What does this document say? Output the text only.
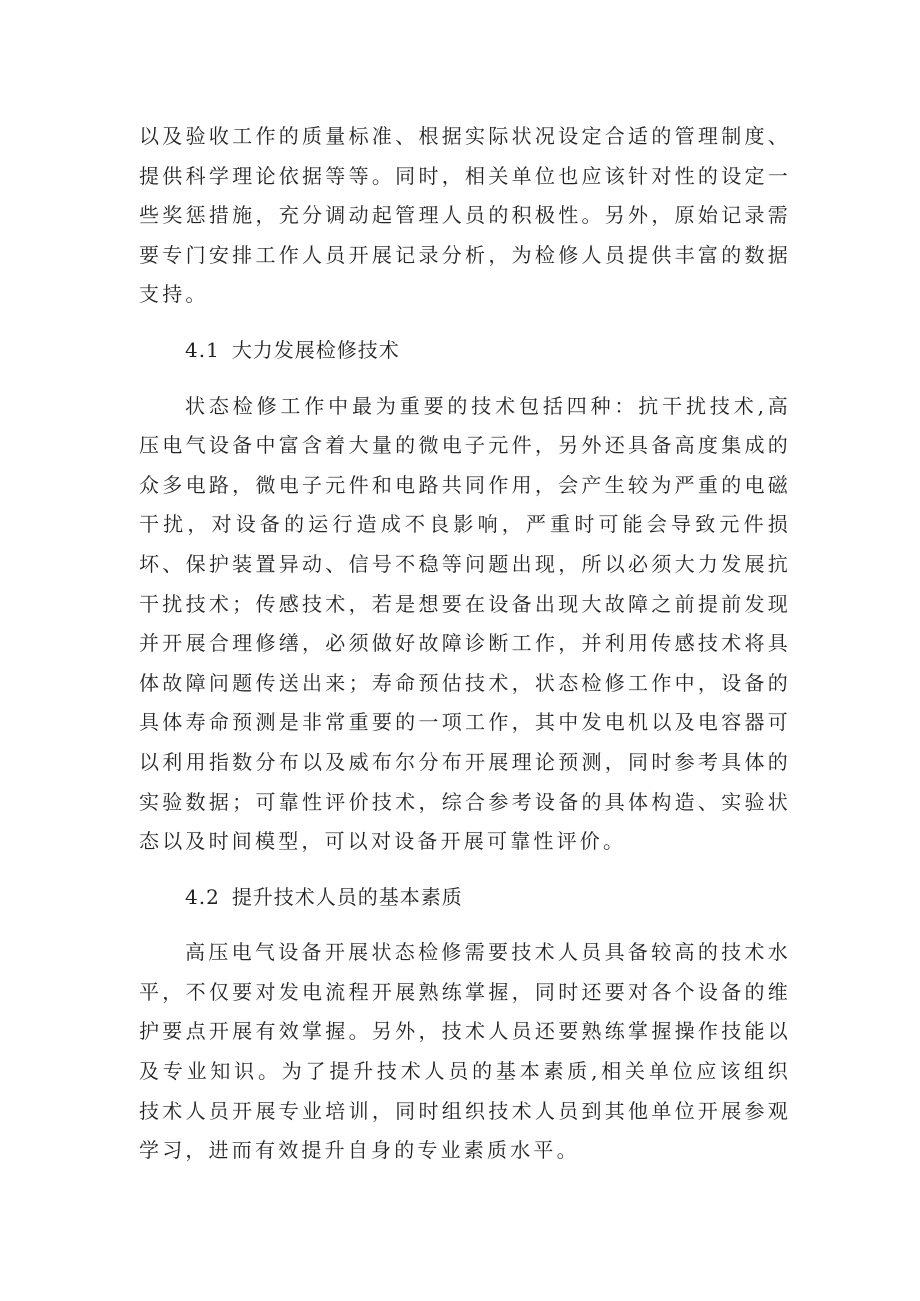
以及验收工作的质量标准、根据实际状况设定合适的管理制度、提供科学理论依据等等。同时，相关单位也应该针对性的设定一些奖惩措施，充分调动起管理人员的积极性。另外，原始记录需要专门安排工作人员开展记录分析，为检修人员提供丰富的数据支持。

4.1 大力发展检修技术

状态检修工作中最为重要的技术包括四种：抗干扰技术,高压电气设备中富含着大量的微电子元件，另外还具备高度集成的众多电路，微电子元件和电路共同作用，会产生较为严重的电磁干扰，对设备的运行造成不良影响，严重时可能会导致元件损坏、保护装置异动、信号不稳等问题出现，所以必须大力发展抗干扰技术；传感技术，若是想要在设备出现大故障之前提前发现并开展合理修缮，必须做好故障诊断工作，并利用传感技术将具体故障问题传送出来；寿命预估技术，状态检修工作中，设备的具体寿命预测是非常重要的一项工作，其中发电机以及电容器可以利用指数分布以及威布尔分布开展理论预测，同时参考具体的实验数据；可靠性评价技术，综合参考设备的具体构造、实验状态以及时间模型，可以对设备开展可靠性评价。

4.2 提升技术人员的基本素质

高压电气设备开展状态检修需要技术人员具备较高的技术水平，不仅要对发电流程开展熟练掌握，同时还要对各个设备的维护要点开展有效掌握。另外，技术人员还要熟练掌握操作技能以及专业知识。为了提升技术人员的基本素质,相关单位应该组织技术人员开展专业培训，同时组织技术人员到其他单位开展参观学习，进而有效提升自身的专业素质水平。
